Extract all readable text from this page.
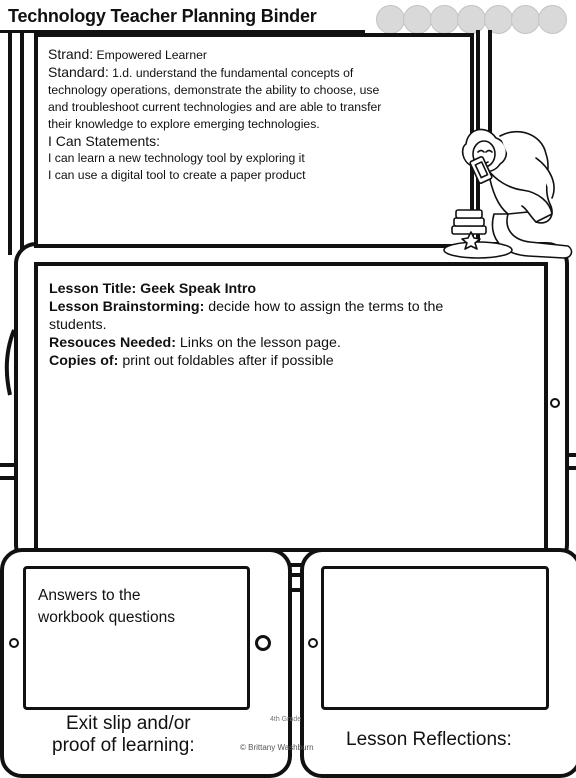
Technology Teacher Planning Binder

Strand: Empowered Learner

Standard: 1.d. understand the fundamental concepts of

technology operations, demonstrate the ability to choose, use

and troubleshoot current technologies and are able to transfer

their knowledge to explore emerging technologies.

I Can Statements:

I can learn a new technology tool by exploring it

I can use a digital tool to create a paper product

Lesson Title: Geek Speak Intro

Lesson Brainstorming: decide how to assign the terms to the

students.

Resouces Needed: Links on the lesson page.

Copies of: print out foldables after if possible

Answers to the
workbook questions
Exit slip and/or
proof of learning:	Lesson Reflections:
4th Grade
© Brittany Washburn
